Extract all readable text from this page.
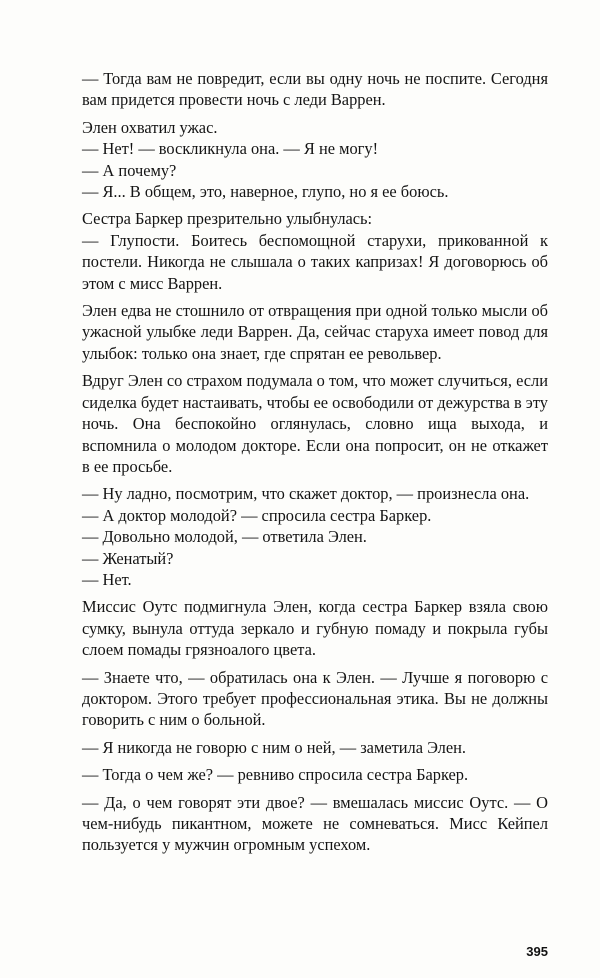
— Тогда вам не повредит, если вы одну ночь не поспите. Сегодня вам придется провести ночь с леди Варрен.

Элен охватил ужас.

— Нет! — воскликнула она. — Я не могу!

— А почему?

— Я... В общем, это, наверное, глупо, но я ее боюсь.

Сестра Баркер презрительно улыбнулась:

— Глупости. Боитесь беспомощной старухи, прикованной к постели. Никогда не слышала о таких капризах! Я договорюсь об этом с мисс Варрен.

Элен едва не стошнило от отвращения при одной только мысли об ужасной улыбке леди Варрен. Да, сейчас старуха имеет повод для улыбок: только она знает, где спрятан ее револьвер.

Вдруг Элен со страхом подумала о том, что может случиться, если сиделка будет настаивать, чтобы ее освободили от дежурства в эту ночь. Она беспокойно оглянулась, словно ища выхода, и вспомнила о молодом докторе. Если она попросит, он не откажет в ее просьбе.

— Ну ладно, посмотрим, что скажет доктор, — произнесла она.

— А доктор молодой? — спросила сестра Баркер.

— Довольно молодой, — ответила Элен.

— Женатый?

— Нет.

Миссис Оутс подмигнула Элен, когда сестра Баркер взяла свою сумку, вынула оттуда зеркало и губную помаду и покрыла губы слоем помады грязноалого цвета.

— Знаете что, — обратилась она к Элен. — Лучше я поговорю с доктором. Этого требует профессиональная этика. Вы не должны говорить с ним о больной.

— Я никогда не говорю с ним о ней, — заметила Элен.

— Тогда о чем же? — ревниво спросила сестра Баркер.

— Да, о чем говорят эти двое? — вмешалась миссис Оутс. — О чем-нибудь пикантном, можете не сомневаться. Мисс Кейпел пользуется у мужчин огромным успехом.

395
